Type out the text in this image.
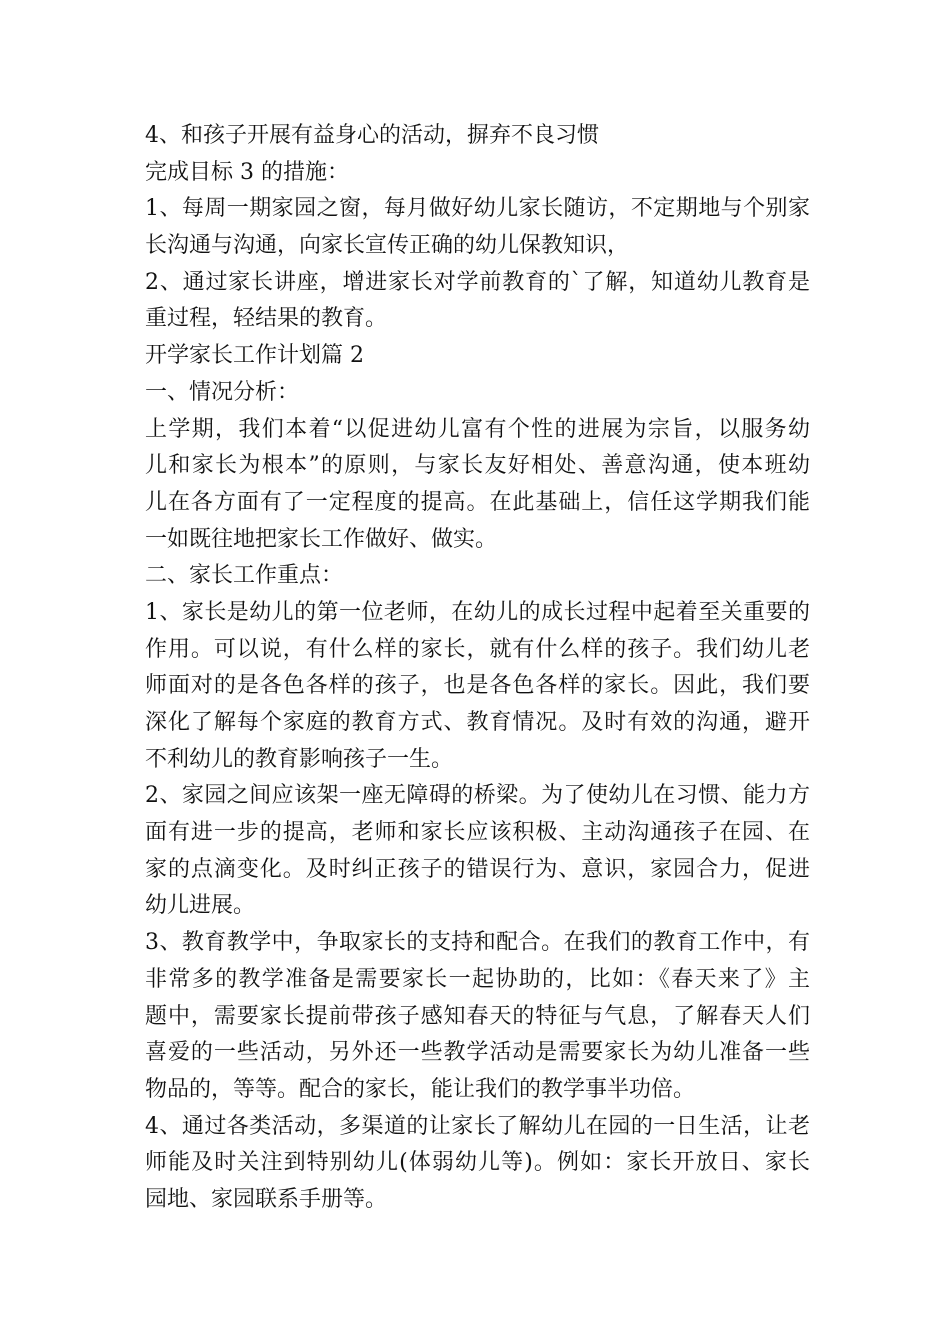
4、和孩子开展有益身心的活动，摒弃不良习惯
完成目标 3 的措施：
1、每周一期家园之窗，每月做好幼儿家长随访，不定期地与个别家
长沟通与沟通，向家长宣传正确的幼儿保教知识，
2、通过家长讲座，增进家长对学前教育的`了解，知道幼儿教育是
重过程，轻结果的教育。
开学家长工作计划篇 2
一、情况分析：
上学期，我们本着“以促进幼儿富有个性的进展为宗旨，以服务幼
儿和家长为根本”的原则，与家长友好相处、善意沟通，使本班幼
儿在各方面有了一定程度的提高。在此基础上，信任这学期我们能
一如既往地把家长工作做好、做实。
二、家长工作重点：
1、家长是幼儿的第一位老师，在幼儿的成长过程中起着至关重要的
作用。可以说，有什么样的家长，就有什么样的孩子。我们幼儿老
师面对的是各色各样的孩子，也是各色各样的家长。因此，我们要
深化了解每个家庭的教育方式、教育情况。及时有效的沟通，避开
不利幼儿的教育影响孩子一生。
2、家园之间应该架一座无障碍的桥梁。为了使幼儿在习惯、能力方
面有进一步的提高，老师和家长应该积极、主动沟通孩子在园、在
家的点滴变化。及时纠正孩子的错误行为、意识，家园合力，促进
幼儿进展。
3、教育教学中，争取家长的支持和配合。在我们的教育工作中，有
非常多的教学准备是需要家长一起协助的，比如：《春天来了》主
题中，需要家长提前带孩子感知春天的特征与气息，了解春天人们
喜爱的一些活动，另外还一些教学活动是需要家长为幼儿准备一些
物品的，等等。配合的家长，能让我们的教学事半功倍。
4、通过各类活动，多渠道的让家长了解幼儿在园的一日生活，让老
师能及时关注到特别幼儿(体弱幼儿等)。例如：家长开放日、家长
园地、家园联系手册等。
